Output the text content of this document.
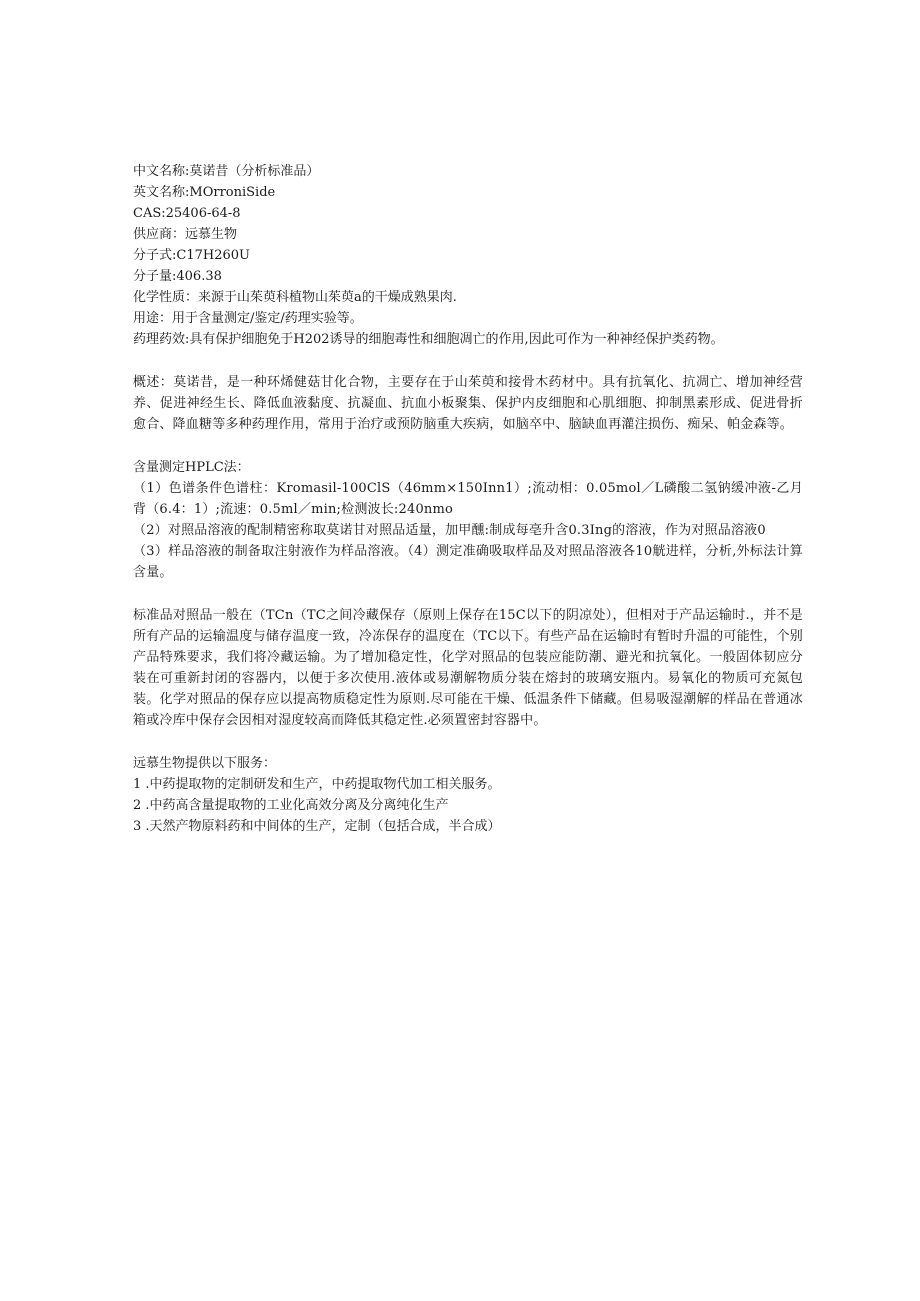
中文名称:莫诺昔（分析标准品）
英文名称:MOrroniSide
CAS:25406-64-8
供应商：远慕生物
分子式:C17H260U
分子量:406.38
化学性质：来源于山茱萸科植物山茱萸a的干燥成熟果肉.
用途：用于含量测定/鉴定/药理实验等。
药理药效:具有保护细胞免于H202诱导的细胞毒性和细胞凋亡的作用,因此可作为一种神经保护类药物。
概述：莫诺昔，是一种环烯健菇甘化合物，主要存在于山茱萸和接骨木药材中。具有抗氧化、抗凋亡、增加神经营养、促进神经生长、降低血液黏度、抗凝血、抗血小板聚集、保护内皮细胞和心肌细胞、抑制黑素形成、促进骨折愈合、降血糖等多种药理作用，常用于治疗或预防脑重大疾病，如脑卒中、脑缺血再灌注损伤、痴呆、帕金森等。
含量测定HPLC法：
（1）色谱条件色谱柱：Kromasil-100ClS（46mm×150Inn1）;流动相：0.05mol／L磷酸二氢钠缓冲液-乙月背（6.4：1）;流速：0.5ml／min;检测波长:240nmo
（2）对照品溶液的配制精密称取莫诺甘对照品适量，加甲醺:制成每亳升含0.3Ing的溶液，作为对照品溶液0
（3）样品溶液的制备取注射液作为样品溶液。（4）测定准确吸取样品及对照品溶液各10觥进样，分析,外标法计算含量。
标准品对照品一般在（TCn（TC之间冷藏保存（原则上保存在15C以下的阴凉处），但相对于产品运输时.，并不是所有产品的运输温度与储存温度一致，冷冻保存的温度在（TC以下。有些产品在运输时有暂时升温的可能性，个别产品特殊要求，我们将冷藏运输。为了增加稳定性，化学对照品的包装应能防潮、避光和抗氧化。一般固体韧应分装在可重新封闭的容器内，以便于多次使用.液体或易潮解物质分装在熔封的玻璃安瓶内。易氧化的物质可充氮包装。化学对照品的保存应以提高物质稳定性为原则.尽可能在干燥、低温条件下储藏。但易吸湿潮解的样品在普通冰箱或冷库中保存会因相对湿度较高而降低其稳定性.必须置密封容器中。
远慕生物提供以下服务：
1 .中药提取物的定制研发和生产，中药提取物代加工相关服务。
2 .中药高含量提取物的工业化高效分离及分离纯化生产
3 .天然产物原料药和中间体的生产，定制（包括合成，半合成）
